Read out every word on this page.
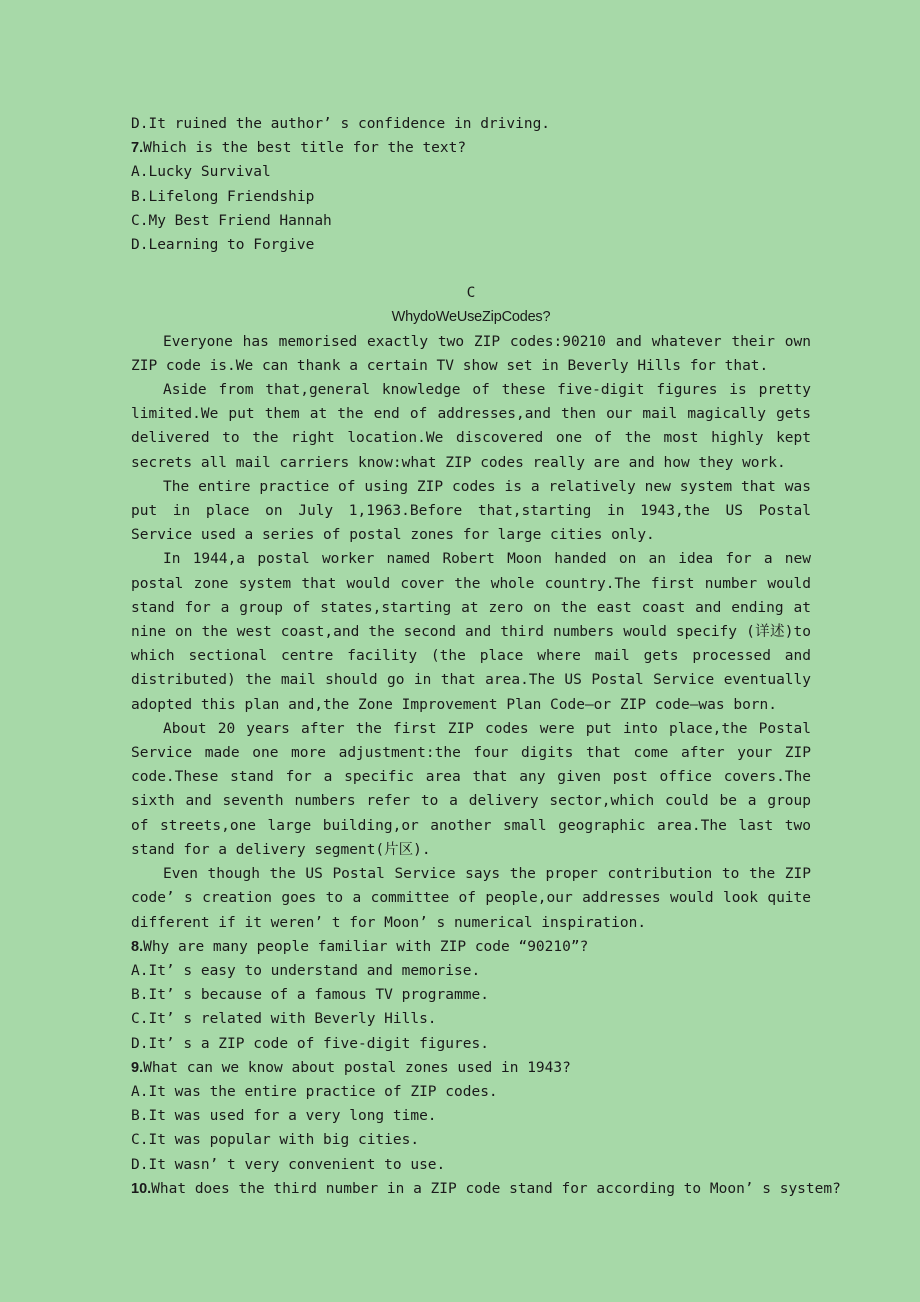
D.It ruined the author’ s confidence in driving.
7.Which is the best title for the text?
A.Lucky Survival
B.Lifelong Friendship
C.My Best Friend Hannah
D.Learning to Forgive
C
WhydoWeUseZipCodes?

Everyone has memorised exactly two ZIP codes:90210 and whatever their own ZIP code is.We can thank a certain TV show set in Beverly Hills for that.

Aside from that,general knowledge of these five-digit figures is pretty limited.We put them at the end of addresses,and then our mail magically gets delivered to the right location.We discovered one of the most highly kept secrets all mail carriers know:what ZIP codes really are and how they work.

The entire practice of using ZIP codes is a relatively new system that was put in place on July 1,1963.Before that,starting in 1943,the US Postal Service used a series of postal zones for large cities only.

In 1944,a postal worker named Robert Moon handed on an idea for a new postal zone system that would cover the whole country.The first number would stand for a group of states,starting at zero on the east coast and ending at nine on the west coast,and the second and third numbers would specify (详述)to which sectional centre facility (the place where mail gets processed and distributed) the mail should go in that area.The US Postal Service eventually adopted this plan and,the Zone Improvement Plan Code—or ZIP code—was born.

About 20 years after the first ZIP codes were put into place,the Postal Service made one more adjustment:the four digits that come after your ZIP code.These stand for a specific area that any given post office covers.The sixth and seventh numbers refer to a delivery sector,which could be a group of streets,one large building,or another small geographic area.The last two stand for a delivery segment(片区).

Even though the US Postal Service says the proper contribution to the ZIP code’ s creation goes to a committee of people,our addresses would look quite different if it weren’ t for Moon’ s numerical inspiration.

8.Why are many people familiar with ZIP code “90210”?
A.It’ s easy to understand and memorise.
B.It’ s because of a famous TV programme.
C.It’ s related with Beverly Hills.
D.It’ s a ZIP code of five-digit figures.
9.What can we know about postal zones used in 1943?
A.It was the entire practice of ZIP codes.
B.It was used for a very long time.
C.It was popular with big cities.
D.It wasn’ t very convenient to use.
10.What does the third number in a ZIP code stand for according to Moon’ s system?
